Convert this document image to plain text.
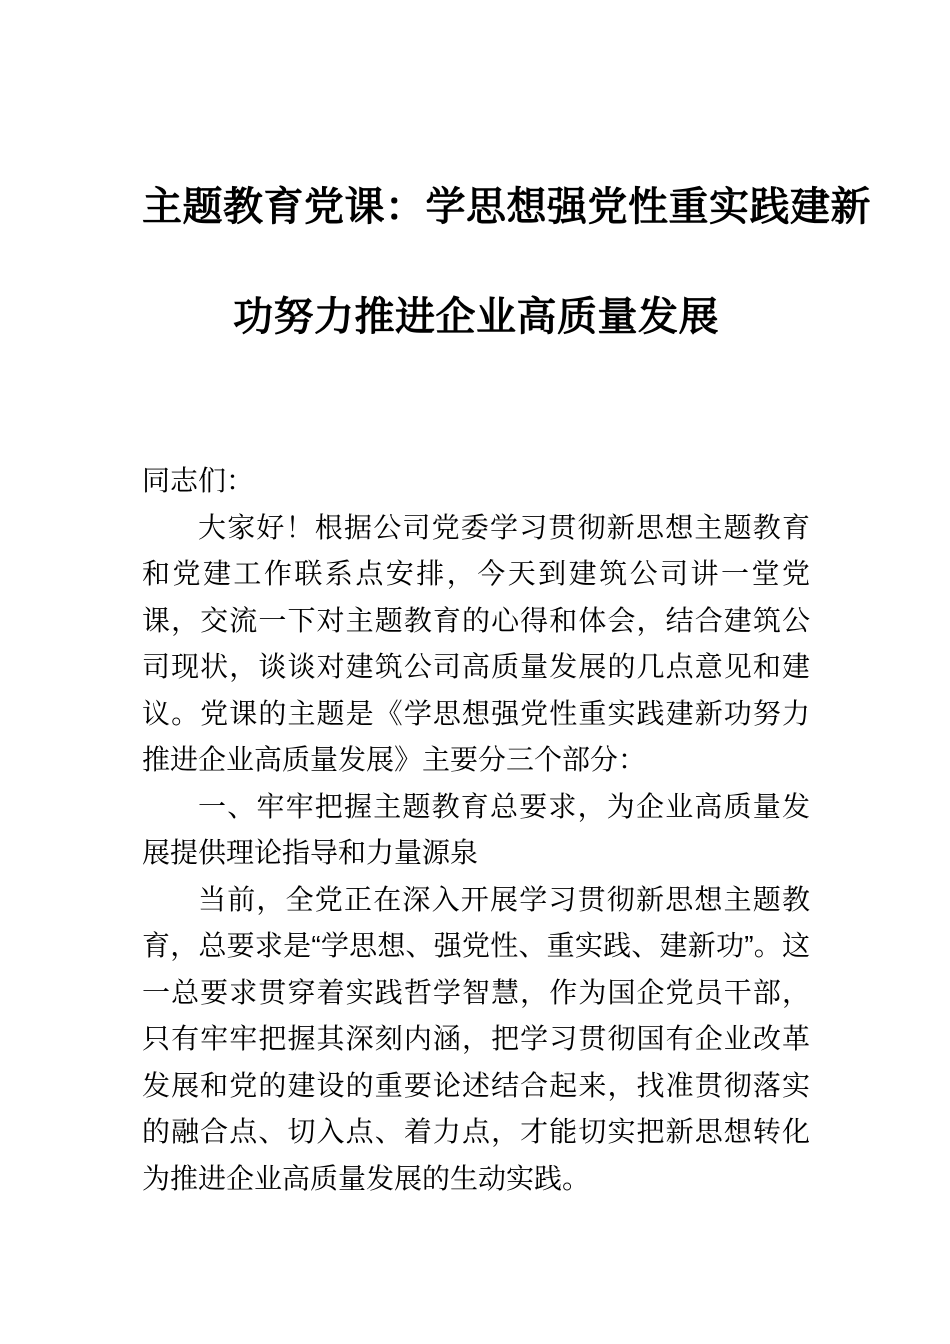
主题教育党课：学思想强党性重实践建新
功努力推进企业高质量发展

同志们：

大家好！根据公司党委学习贯彻新思想主题教育和党建工作联系点安排，今天到建筑公司讲一堂党课，交流一下对主题教育的心得和体会，结合建筑公司现状，谈谈对建筑公司高质量发展的几点意见和建议。党课的主题是《学思想强党性重实践建新功努力推进企业高质量发展》主要分三个部分：

一、牢牢把握主题教育总要求，为企业高质量发展提供理论指导和力量源泉

当前，全党正在深入开展学习贯彻新思想主题教育，总要求是“学思想、强党性、重实践、建新功”。这一总要求贯穿着实践哲学智慧，作为国企党员干部，只有牢牢把握其深刻内涵，把学习贯彻国有企业改革发展和党的建设的重要论述结合起来，找准贯彻落实的融合点、切入点、着力点，才能切实把新思想转化为推进企业高质量发展的生动实践。
